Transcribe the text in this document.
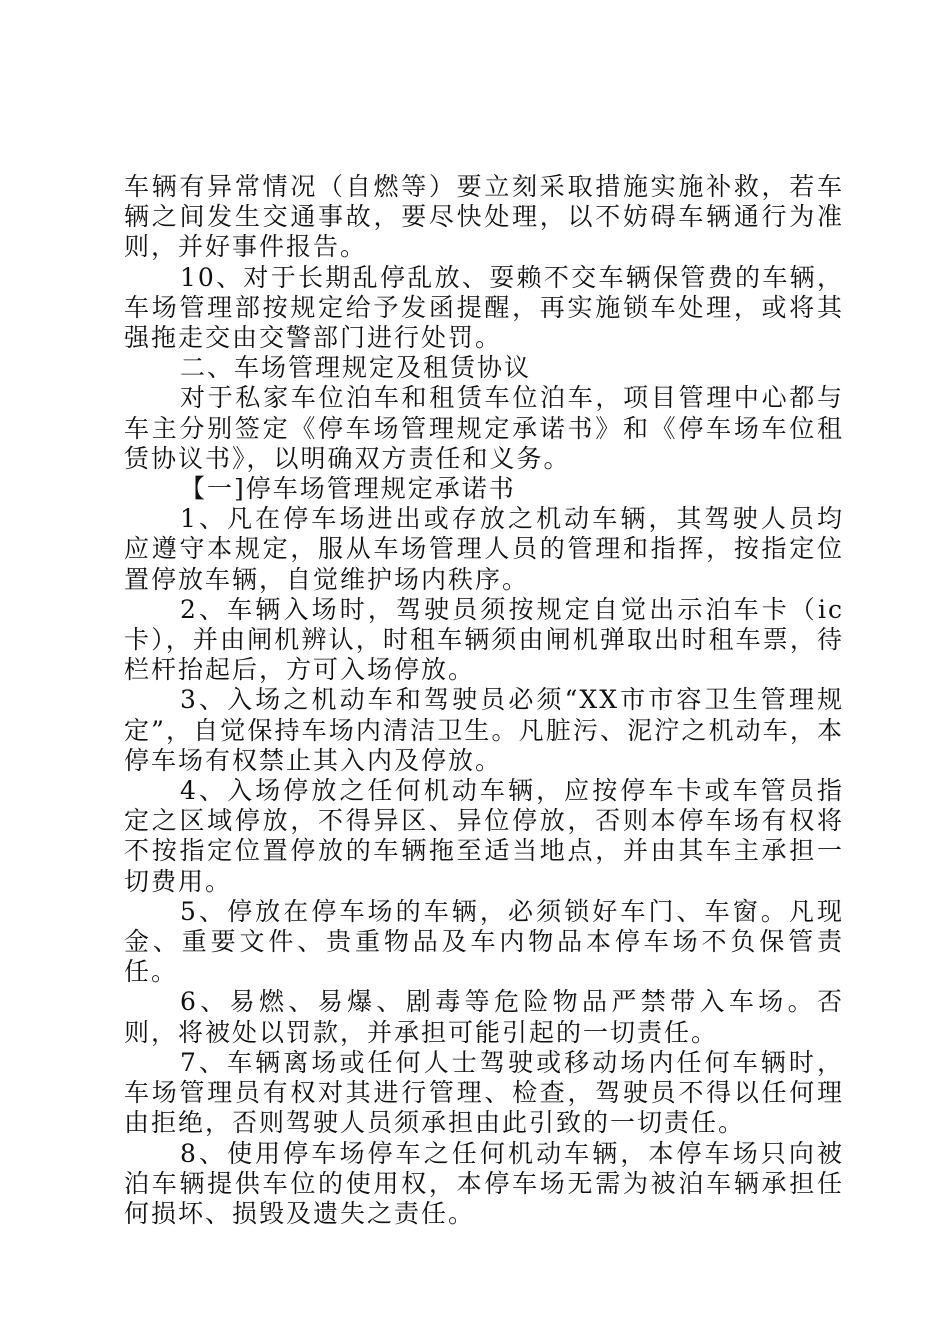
车辆有异常情况（自燃等）要立刻采取措施实施补救，若车辆之间发生交通事故，要尽快处理，以不妨碍车辆通行为准则，并好事件报告。

10、对于长期乱停乱放、耍赖不交车辆保管费的车辆，车场管理部按规定给予发函提醒，再实施锁车处理，或将其强拖走交由交警部门进行处罚。

二、车场管理规定及租赁协议

对于私家车位泊车和租赁车位泊车，项目管理中心都与车主分别签定《停车场管理规定承诺书》和《停车场车位租赁协议书》，以明确双方责任和义务。

【一]停车场管理规定承诺书

1、凡在停车场进出或存放之机动车辆，其驾驶人员均应遵守本规定，服从车场管理人员的管理和指挥，按指定位置停放车辆，自觉维护场内秩序。

2、车辆入场时，驾驶员须按规定自觉出示泊车卡（ic卡），并由闸机辨认，时租车辆须由闸机弹取出时租车票，待栏杆抬起后，方可入场停放。

3、入场之机动车和驾驶员必须“XX市市容卫生管理规定”，自觉保持车场内清洁卫生。凡脏污、泥泞之机动车，本停车场有权禁止其入内及停放。

4、入场停放之任何机动车辆，应按停车卡或车管员指定之区域停放，不得异区、异位停放，否则本停车场有权将不按指定位置停放的车辆拖至适当地点，并由其车主承担一切费用。

5、停放在停车场的车辆，必须锁好车门、车窗。凡现金、重要文件、贵重物品及车内物品本停车场不负保管责任。

6、易燃、易爆、剧毒等危险物品严禁带入车场。否则，将被处以罚款，并承担可能引起的一切责任。

7、车辆离场或任何人士驾驶或移动场内任何车辆时，车场管理员有权对其进行管理、检查，驾驶员不得以任何理由拒绝，否则驾驶人员须承担由此引致的一切责任。

8、使用停车场停车之任何机动车辆，本停车场只向被泊车辆提供车位的使用权，本停车场无需为被泊车辆承担任何损坏、损毁及遗失之责任。
